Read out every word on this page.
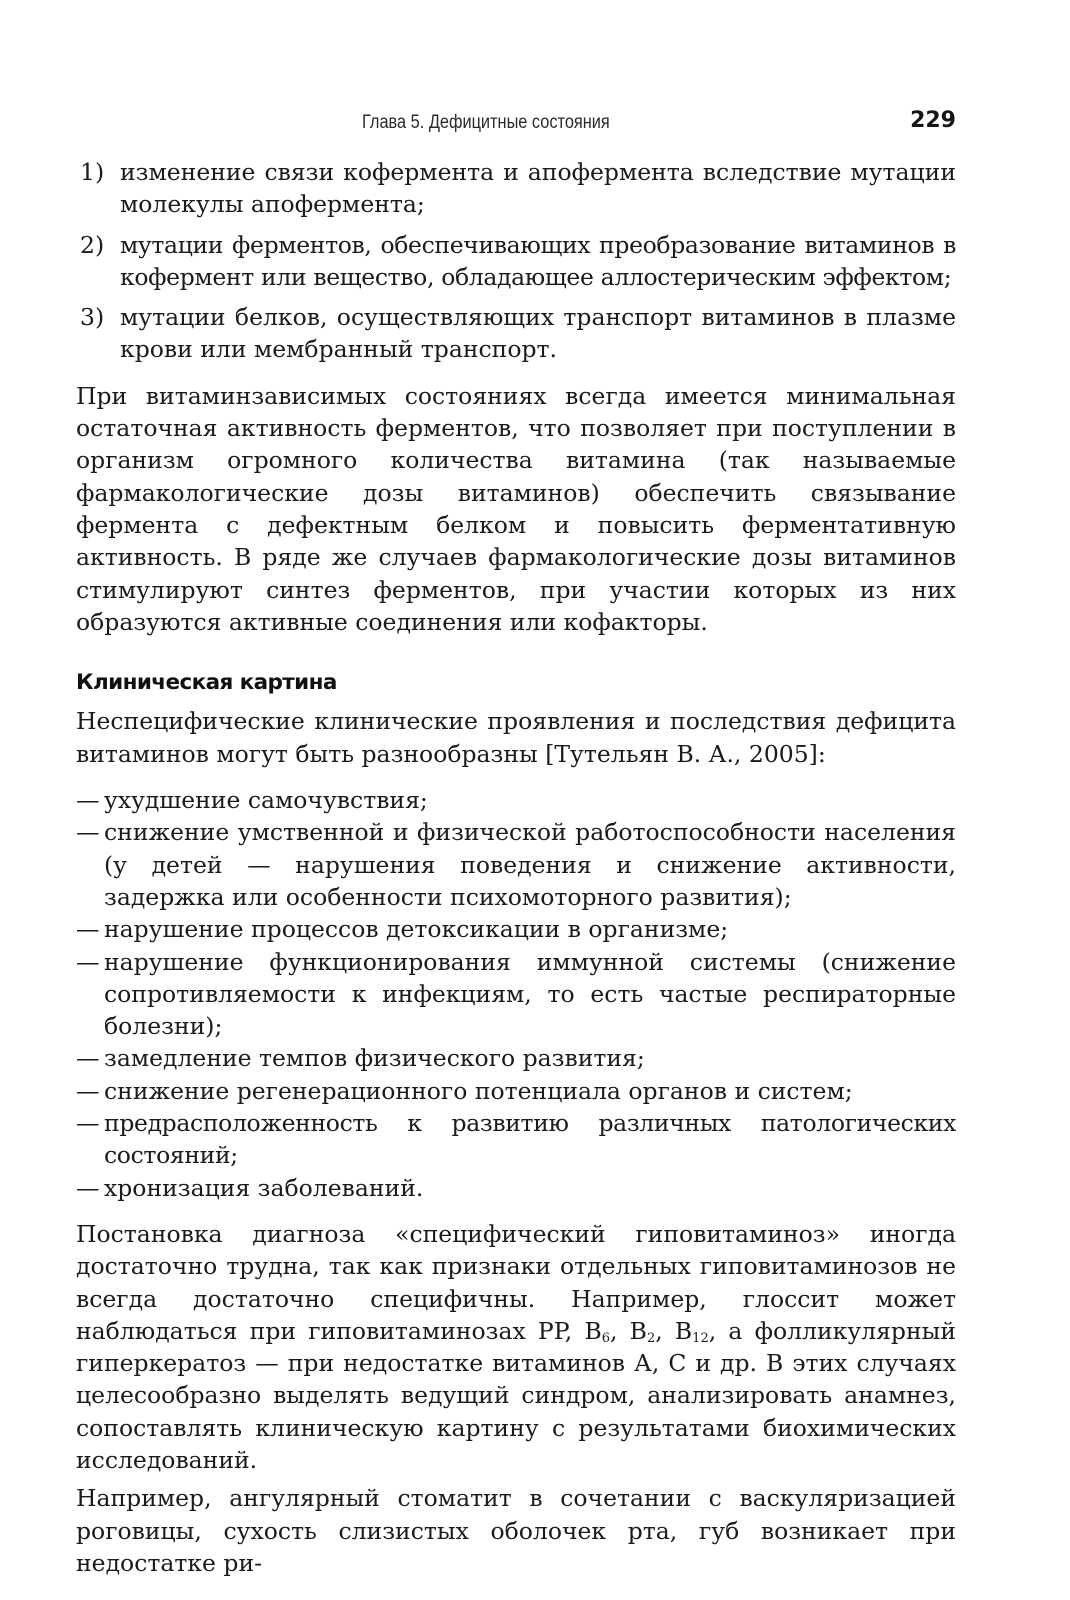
Глава 5. Дефицитные состояния	229
1) изменение связи кофермента и апофермента вследствие мутации молекулы апофермента;
2) мутации ферментов, обеспечивающих преобразование витаминов в кофермент или вещество, обладающее аллостерическим эффектом;
3) мутации белков, осуществляющих транспорт витаминов в плазме крови или мембранный транспорт.

При витаминзависимых состояниях всегда имеется минимальная остаточная активность ферментов, что позволяет при поступлении в организм огромного количества витамина (так называемые фармакологические дозы витаминов) обеспечить связывание фермента с дефектным белком и повысить ферментативную активность. В ряде же случаев фармакологические дозы витаминов стимулируют синтез ферментов, при участии которых из них образуются активные соединения или кофакторы.

Клиническая картина

Неспецифические клинические проявления и последствия дефицита витаминов могут быть разнообразны [Тутельян В. А., 2005]:

— ухудшение самочувствия;
— снижение умственной и физической работоспособности населения (у детей — нарушения поведения и снижение активности, задержка или особенности психомоторного развития);
— нарушение процессов детоксикации в организме;
— нарушение функционирования иммунной системы (снижение сопротивляемости к инфекциям, то есть частые респираторные болезни);
— замедление темпов физического развития;
— снижение регенерационного потенциала органов и систем;
— предрасположенность к развитию различных патологических состояний;
— хронизация заболеваний.

Постановка диагноза «специфический гиповитаминоз» иногда достаточно трудна, так как признаки отдельных гиповитаминозов не всегда достаточно специфичны. Например, глоссит может наблюдаться при гиповитаминозах PP, $B_6$, $B_2$, $B_{12}$, а фолликулярный гиперкератоз — при недостатке витаминов А, С и др. В этих случаях целесообразно выделять ведущий синдром, анализировать анамнез, сопоставлять клиническую картину с результатами биохимических исследований.

Например, ангулярный стоматит в сочетании с васкуляризацией роговицы, сухость слизистых оболочек рта, губ возникает при недостатке ри-
